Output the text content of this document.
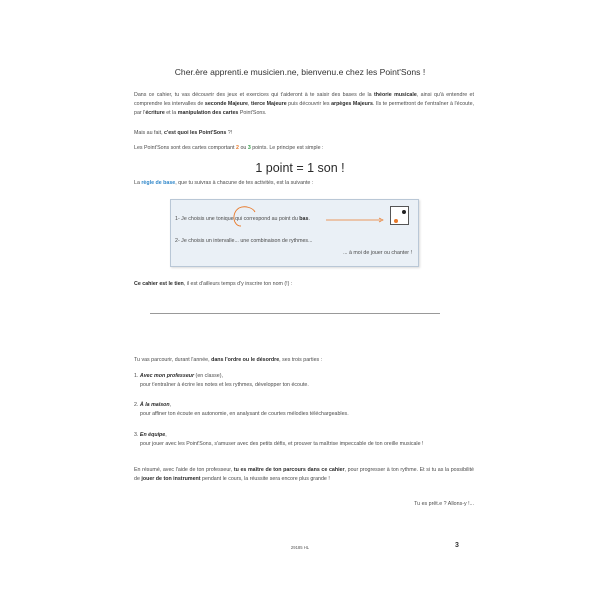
Cher.ère apprenti.e musicien.ne, bienvenu.e chez les Point'Sons !
Dans ce cahier, tu vas découvrir des jeux et exercices qui t'aideront à te saisir des bases de la théorie musicale, ainsi qu'à entendre et comprendre les intervalles de seconde Majeure, tierce Majeure puis découvrir les arpèges Majeurs. Ils te permettront de t'entraîner à l'écoute, par l'écriture et la manipulation des cartes Point'Sons.
Mais au fait, c'est quoi les Point'Sons ?!
Les Point'Sons sont des cartes comportant 2 ou 3 points. Le principe est simple :
1 point = 1 son !
La règle de base, que tu suivras à chacune de tes activités, est la suivante :
1- Je choisis une tonique qui correspond au point du bas.
2- Je choisis un intervalle... une combinaison de rythmes...
... à moi de jouer ou chanter !
Ce cahier est le tien, il est d'ailleurs temps d'y inscrire ton nom (!) :
Tu vas parcourir, durant l'année, dans l'ordre ou le désordre, ses trois parties :
1. Avec mon professeur (en classe),
pour t'entraîner à écrire les notes et les rythmes, développer ton écoute.
2. À la maison,
pour affiner ton écoute en autonomie, en analysant de courtes mélodies téléchargeables.
3. En équipe,
pour jouer avec les Point'Sons, s'amuser avec des petits défis, et prouver ta maîtrise impeccable de ton oreille musicale !
En résumé, avec l'aide de ton professeur, tu es maître de ton parcours dans ce cahier, pour progresser à ton rythme. Et si tu as la possibilité de jouer de ton instrument pendant le cours, la réussite sera encore plus grande !
Tu es prêt.e ? Allons-y !...
29185 HL	3
